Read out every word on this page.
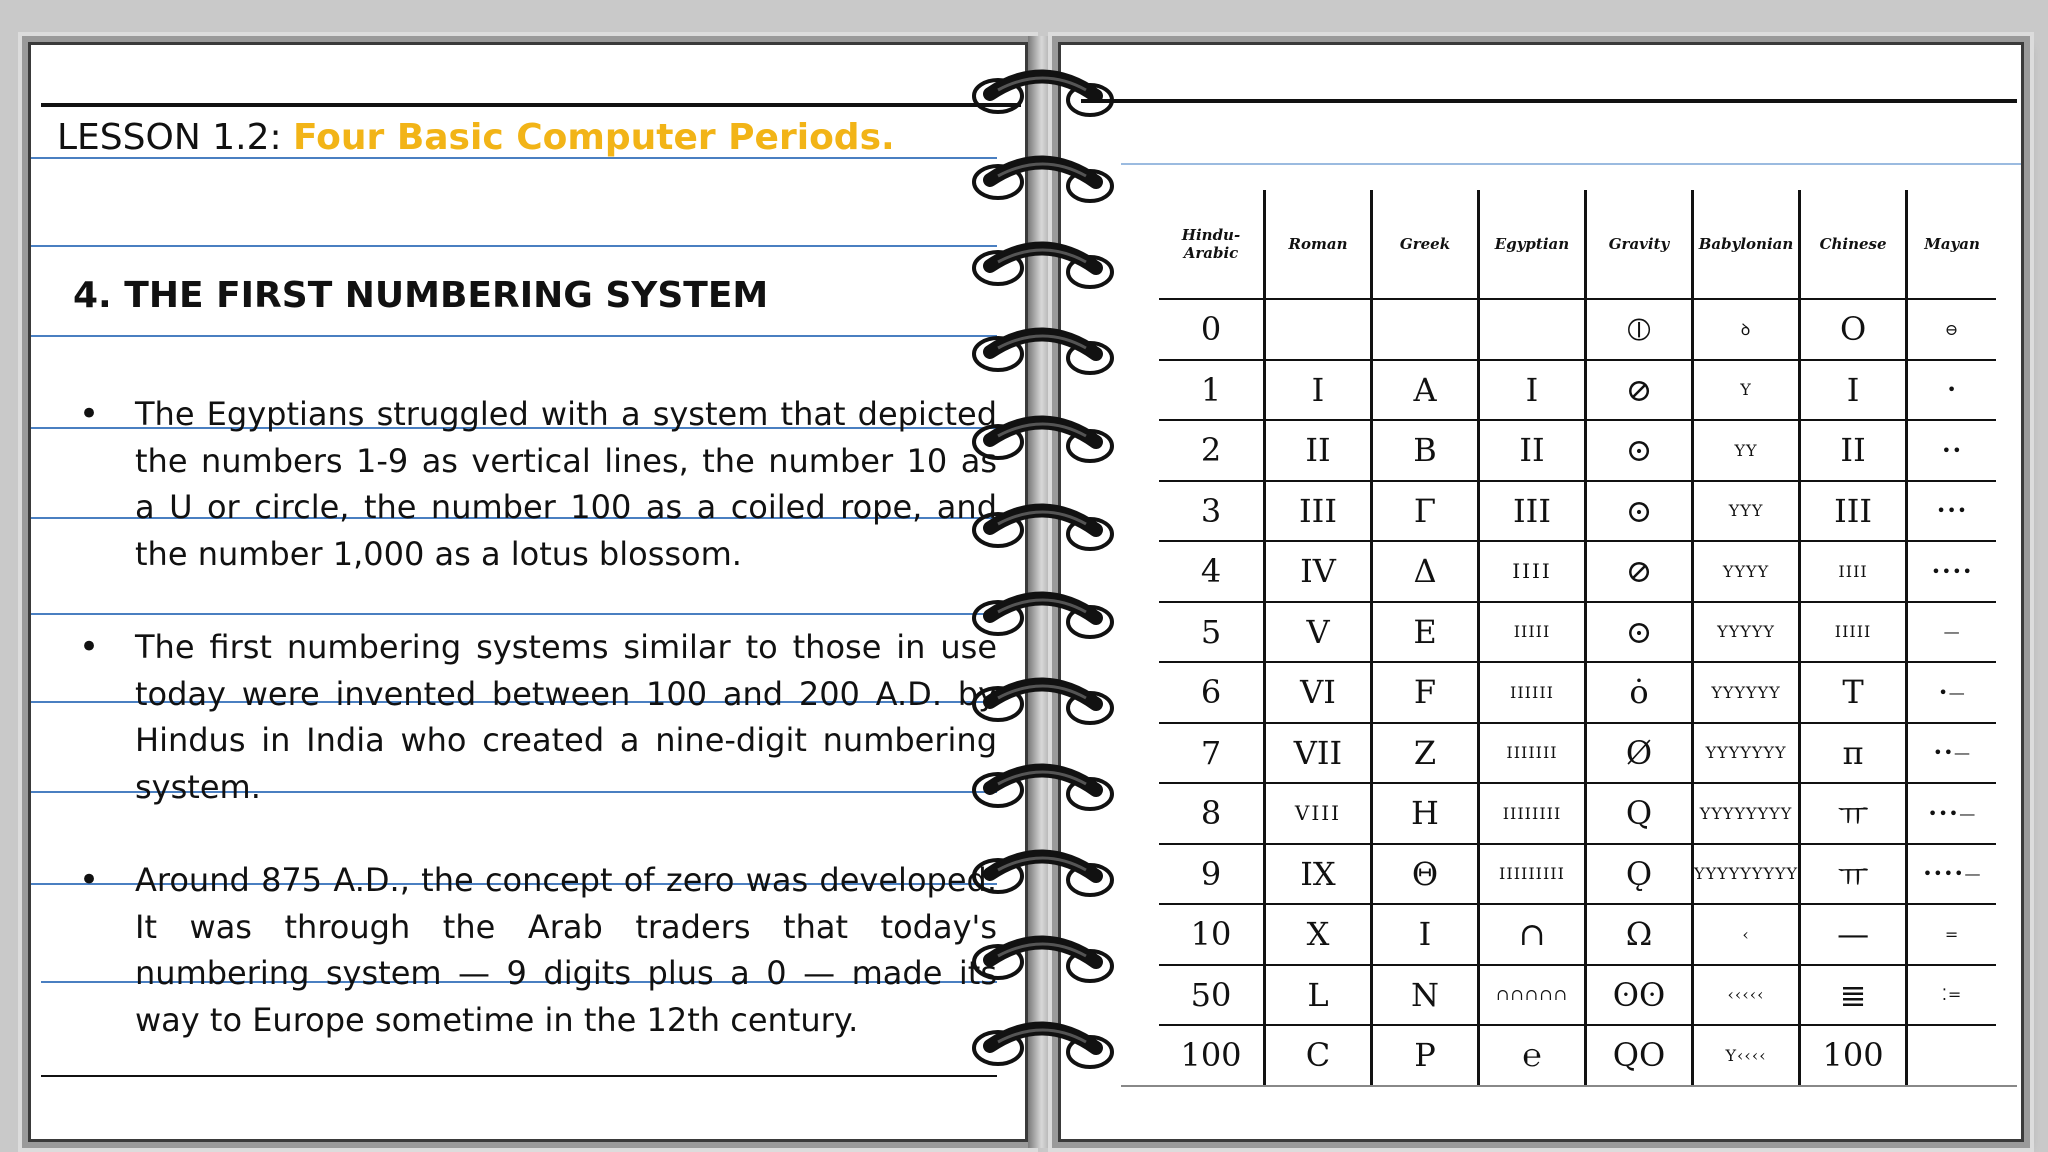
LESSON 1.2: Four Basic Computer Periods.
4. THE FIRST NUMBERING SYSTEM
• The Egyptians struggled with a system that depicted the numbers 1-9 as vertical lines, the number 10 as a U or circle, the number 100 as a coiled rope, and the number 1,000 as a lotus blossom.
• The first numbering systems similar to those in use today were invented between 100 and 200 A.D. by Hindus in India who created a nine-digit numbering system.
• Around 875 A.D., the concept of zero was developed. It was through the Arab traders that today's numbering system — 9 digits plus a 0 — made its way to Europe sometime in the 12th century.
Hindu-Arabic	Roman	Greek	Egyptian	Gravity	Babylonian	Chinese	Mayan
0				⦶	ꝺ	O	⊖
1	I	A	I	⊘	Ү	I	•
2	II	B	II	⊙	ҮҮ	II	••
3	III	Γ	III	⊙	ҮҮҮ	III	•••
4	IV	Δ	IIII	⊘	ҮҮҮҮ	IIII	••••
5	V	E	IIIII	⊙	ҮҮҮҮҮ	IIIII	—
6	VI	F	IIIIII	ȯ	ҮҮҮҮҮҮ	T	•—
7	VII	Z	IIIIIII	Ø	ҮҮҮҮҮҮҮ	π	••—
8	VIII	H	IIIIIIII	Q	ҮҮҮҮҮҮҮҮ	ㅠ	•••—
9	IX	Θ	IIIIIIIII	Ǫ	ҮҮҮҮҮҮҮҮҮ	ㅠ	••••—
10	X	I	∩	Ω	‹	—	=
50	L	N	∩∩∩∩∩	ʘʘ	‹‹‹‹‹	≣	⁚=
100	C	P	℮	QO	Ү‹‹‹‹	100	
